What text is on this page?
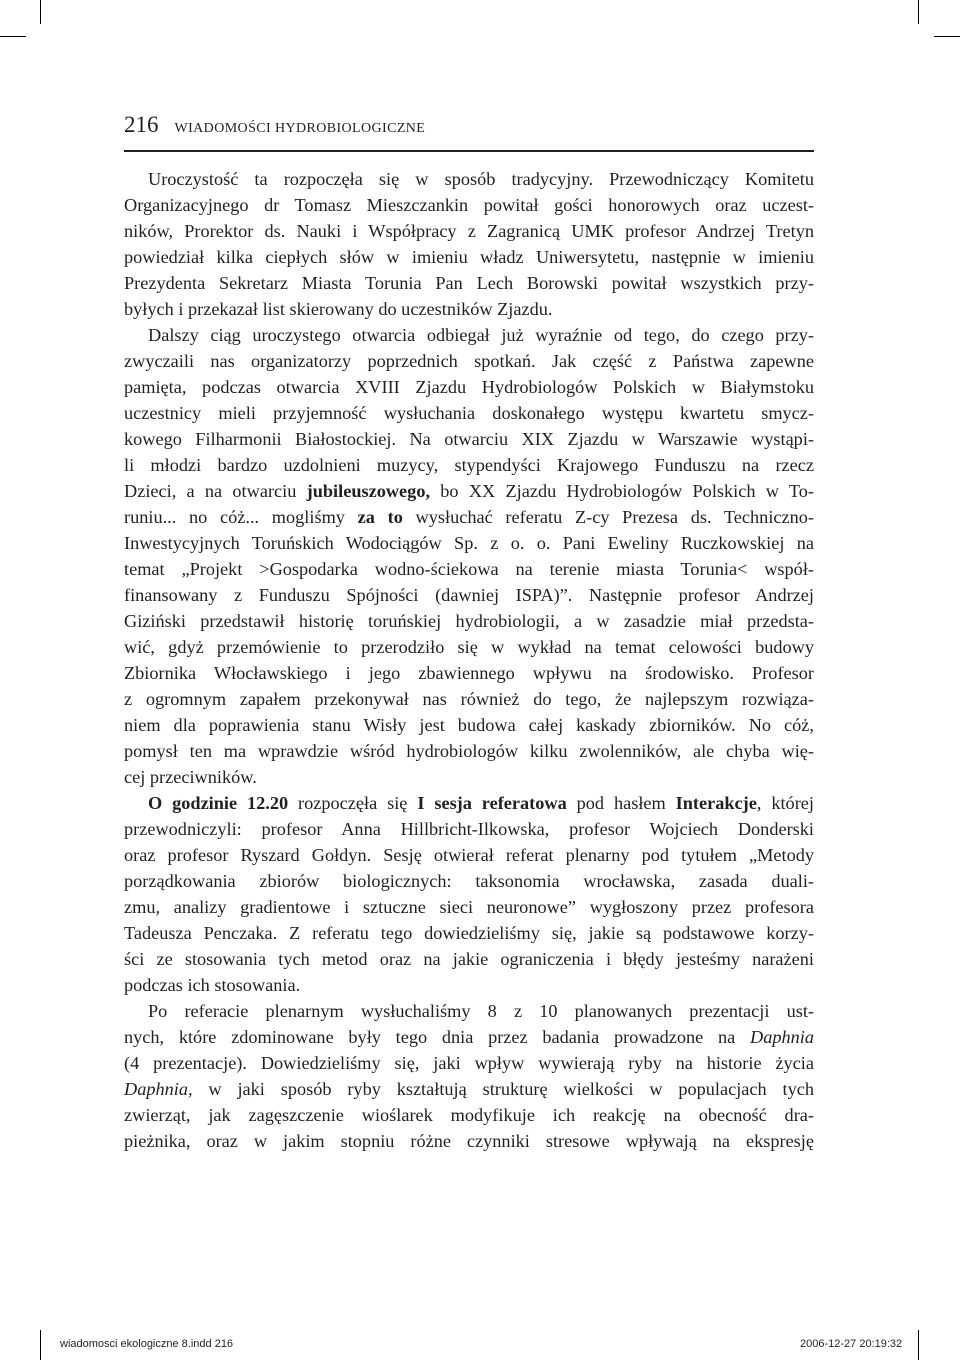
216 WIADOMOŚCI HYDROBIOLOGICZNE
Uroczystość ta rozpoczęła się w sposób tradycyjny. Przewodniczący Komitetu
Organizacyjnego dr Tomasz Mieszczankin powitał gości honorowych oraz uczest-
ników, Prorektor ds. Nauki i Współpracy z Zagranicą UMK profesor Andrzej Tretyn
powiedział kilka ciepłych słów w imieniu władz Uniwersytetu, następnie w imieniu
Prezydenta Sekretarz Miasta Torunia Pan Lech Borowski powitał wszystkich przy-
byłych i przekazał list skierowany do uczestników Zjazdu.
Dalszy ciąg uroczystego otwarcia odbiegał już wyraźnie od tego, do czego przy-
zwyczaili nas organizatorzy poprzednich spotkań. Jak część z Państwa zapewne
pamięta, podczas otwarcia XVIII Zjazdu Hydrobiologów Polskich w Białymstoku
uczestnicy mieli przyjemność wysłuchania doskonałego występu kwartetu smycz-
kowego Filharmonii Białostockiej. Na otwarciu XIX Zjazdu w Warszawie wystąpi-
li młodzi bardzo uzdolnieni muzycy, stypendyści Krajowego Funduszu na rzecz
Dzieci, a na otwarciu jubileuszowego, bo XX Zjazdu Hydrobiologów Polskich w To-
runiu... no cóż... mogliśmy za to wysłuchać referatu Z-cy Prezesa ds. Techniczno-
Inwestycyjnych Toruńskich Wodociągów Sp. z o. o. Pani Eweliny Ruczkowskiej na
temat „Projekt >Gospodarka wodno-ściekowa na terenie miasta Torunia< współ-
finansowany z Funduszu Spójności (dawniej ISPA)”. Następnie profesor Andrzej
Giziński przedstawił historię toruńskiej hydrobiologii, a w zasadzie miał przedsta-
wić, gdyż przemówienie to przerodziło się w wykład na temat celowości budowy
Zbiornika Włocławskiego i jego zbawiennego wpływu na środowisko. Profesor
z ogromnym zapałem przekonywał nas również do tego, że najlepszym rozwiąza-
niem dla poprawienia stanu Wisły jest budowa całej kaskady zbiorników. No cóż,
pomysł ten ma wprawdzie wśród hydrobiologów kilku zwolenników, ale chyba wię-
cej przeciwników.
O godzinie 12.20 rozpoczęła się I sesja referatowa pod hasłem Interakcje, której
przewodniczyli: profesor Anna Hillbricht-Ilkowska, profesor Wojciech Donderski
oraz profesor Ryszard Gołdyn. Sesję otwierał referat plenarny pod tytułem „Metody
porządkowania zbiorów biologicznych: taksonomia wrocławska, zasada duali-
zmu, analizy gradientowe i sztuczne sieci neuronowe” wygłoszony przez profesora
Tadeusza Penczaka. Z referatu tego dowiedzieliśmy się, jakie są podstawowe korzy-
ści ze stosowania tych metod oraz na jakie ograniczenia i błędy jesteśmy narażeni
podczas ich stosowania.
Po referacie plenarnym wysłuchaliśmy 8 z 10 planowanych prezentacji ust-
nych, które zdominowane były tego dnia przez badania prowadzone na Daphnia
(4 prezentacje). Dowiedzieliśmy się, jaki wpływ wywierają ryby na historie życia
Daphnia, w jaki sposób ryby kształtują strukturę wielkości w populacjach tych
zwierząt, jak zagęszczenie wioślarek modyfikuje ich reakcję na obecność dra-
pieżnika, oraz w jakim stopniu różne czynniki stresowe wpływają na ekspresję
wiadomosci ekologiczne 8.indd 216	2006-12-27 20:19:32
